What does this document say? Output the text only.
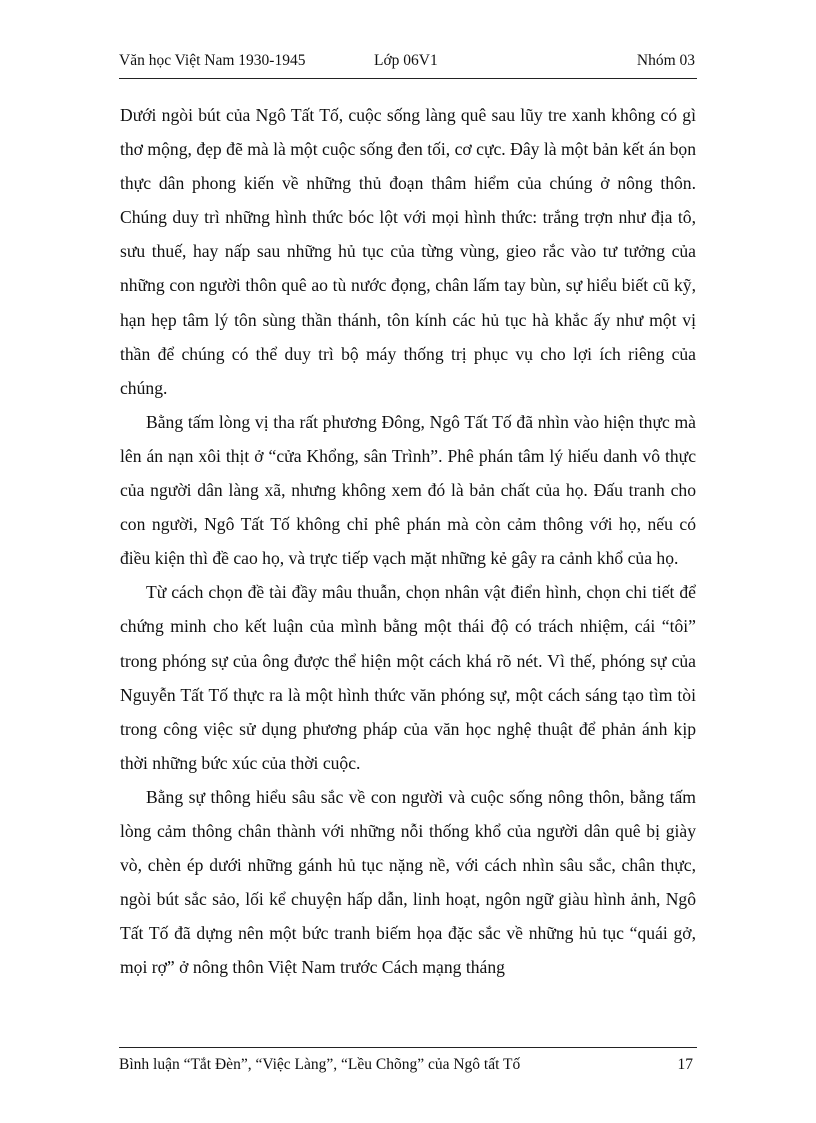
Văn học Việt Nam 1930-1945	Lớp 06V1	Nhóm 03

Dưới ngòi bút của Ngô Tất Tố, cuộc sống làng quê sau lũy tre xanh không có gì thơ mộng, đẹp đẽ mà là một cuộc sống đen tối, cơ cực. Đây là một bản kết án bọn thực dân phong kiến về những thủ đoạn thâm hiểm của chúng ở nông thôn. Chúng duy trì những hình thức bóc lột với mọi hình thức: trắng trợn như địa tô, sưu thuế, hay nấp sau những hủ tục của từng vùng, gieo rắc vào tư tưởng của những con người thôn quê ao tù nước đọng, chân lấm tay bùn, sự hiểu biết cũ kỹ, hạn hẹp tâm lý tôn sùng thần thánh, tôn kính các hủ tục hà khắc ấy như một vị thần để chúng có thể duy trì bộ máy thống trị phục vụ cho lợi ích riêng của chúng.

Bằng tấm lòng vị tha rất phương Đông, Ngô Tất Tố đã nhìn vào hiện thực mà lên án nạn xôi thịt ở “cửa Khổng, sân Trình”. Phê phán tâm lý hiếu danh vô thực của người dân làng xã, nhưng không xem đó là bản chất của họ. Đấu tranh cho con người, Ngô Tất Tố không chỉ phê phán mà còn cảm thông với họ, nếu có điều kiện thì đề cao họ, và trực tiếp vạch mặt những kẻ gây ra cảnh khổ của họ.

Từ cách chọn đề tài đầy mâu thuẫn, chọn nhân vật điển hình, chọn chi tiết để chứng minh cho kết luận của mình bằng một thái độ có trách nhiệm, cái “tôi” trong phóng sự của ông được thể hiện một cách khá rõ nét. Vì thế, phóng sự của Nguyễn Tất Tố thực ra là một hình thức văn phóng sự, một cách sáng tạo tìm tòi trong công việc sử dụng phương pháp của văn học nghệ thuật để phản ánh kịp thời những bức xúc của thời cuộc.

Bằng sự thông hiểu sâu sắc về con người và cuộc sống nông thôn, bằng tấm lòng cảm thông chân thành với những nỗi thống khổ của người dân quê bị giày vò, chèn ép dưới những gánh hủ tục nặng nề, với cách nhìn sâu sắc, chân thực, ngòi bút sắc sảo, lối kể chuyện hấp dẫn, linh hoạt, ngôn ngữ giàu hình ảnh, Ngô Tất Tố đã dựng nên một bức tranh biếm họa đặc sắc về những hủ tục “quái gở, mọi rợ” ở nông thôn Việt Nam trước Cách mạng tháng

Bình luận “Tắt Đèn”, “Việc Làng”, “Lều Chõng” của Ngô tất Tố	17
